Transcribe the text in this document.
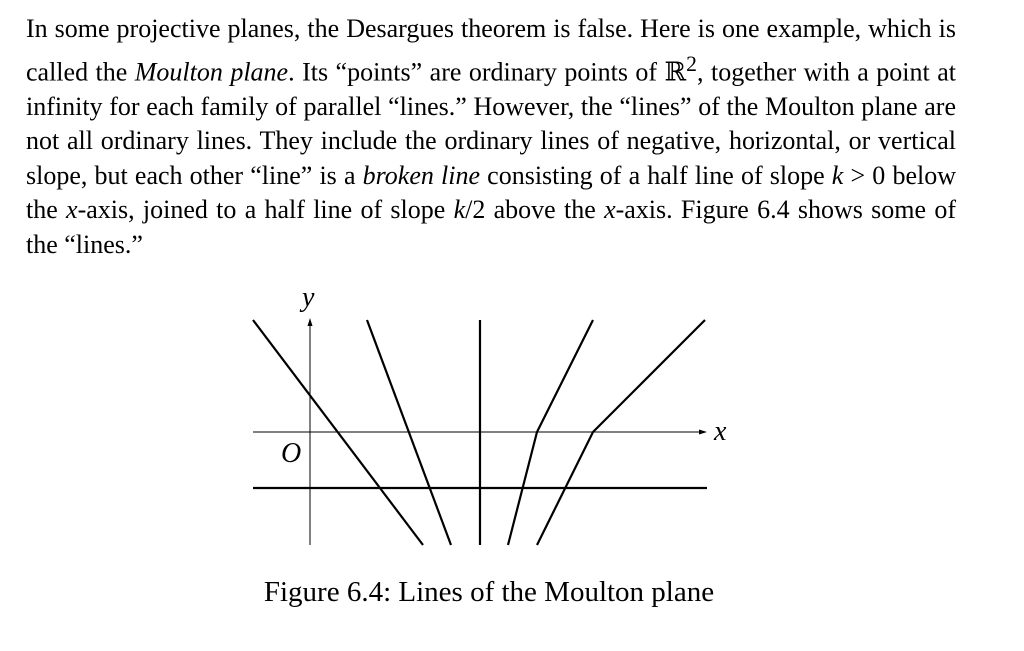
In some projective planes, the Desargues theorem is false. Here is one example, which is called the Moulton plane. Its “points” are ordinary points of ℝ$^2$, together with a point at infinity for each family of parallel “lines.” However, the “lines” of the Moulton plane are not all ordinary lines. They include the ordinary lines of negative, horizontal, or vertical slope, but each other “line” is a broken line consisting of a half line of slope k > 0 below the x-axis, joined to a half line of slope k/2 above the x-axis. Figure 6.4 shows some of the “lines.”
y
x
O
Figure 6.4: Lines of the Moulton plane
